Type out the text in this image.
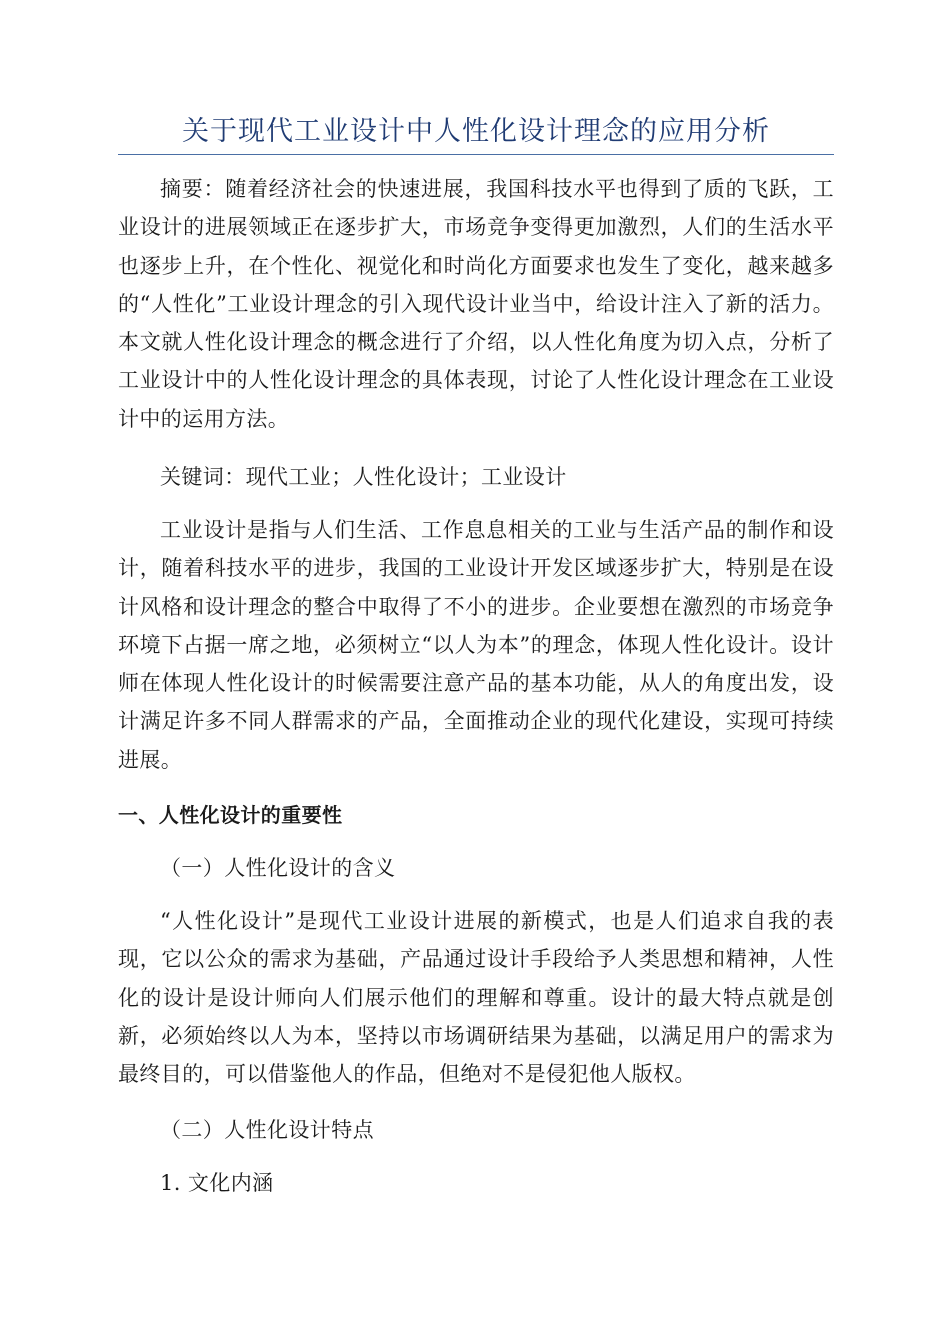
关于现代工业设计中人性化设计理念的应用分析

摘要：随着经济社会的快速进展，我国科技水平也得到了质的飞跃，工业设计的进展领域正在逐步扩大，市场竞争变得更加激烈，人们的生活水平也逐步上升，在个性化、视觉化和时尚化方面要求也发生了变化，越来越多的“人性化”工业设计理念的引入现代设计业当中，给设计注入了新的活力。本文就人性化设计理念的概念进行了介绍，以人性化角度为切入点，分析了工业设计中的人性化设计理念的具体表现，讨论了人性化设计理念在工业设计中的运用方法。

关键词：现代工业；人性化设计；工业设计

工业设计是指与人们生活、工作息息相关的工业与生活产品的制作和设计，随着科技水平的进步，我国的工业设计开发区域逐步扩大，特别是在设计风格和设计理念的整合中取得了不小的进步。企业要想在激烈的市场竞争环境下占据一席之地，必须树立“以人为本”的理念，体现人性化设计。设计师在体现人性化设计的时候需要注意产品的基本功能，从人的角度出发，设计满足许多不同人群需求的产品，全面推动企业的现代化建设，实现可持续进展。

一、人性化设计的重要性

（一）人性化设计的含义

“人性化设计”是现代工业设计进展的新模式，也是人们追求自我的表现，它以公众的需求为基础，产品通过设计手段给予人类思想和精神，人性化的设计是设计师向人们展示他们的理解和尊重。设计的最大特点就是创新，必须始终以人为本，坚持以市场调研结果为基础，以满足用户的需求为最终目的，可以借鉴他人的作品，但绝对不是侵犯他人版权。

（二）人性化设计特点

1. 文化内涵
